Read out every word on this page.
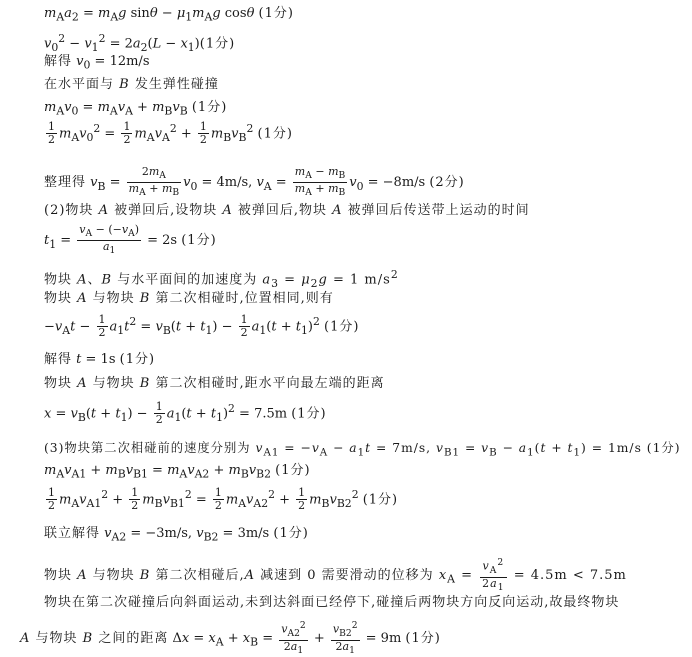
$m_Aa_2 = m_Ag$ $\sin\theta - \mu_1m_Ag$ cosθ (1分)
$v_0^2 - v_1^2 = 2a_2(L - x_1)(1$分)
解得 $v_0 = 12m/s$
在水平面与 B 发生弹性碰撞
$m_Av_0 = m_Av_A + m_Bv_B$ (1分)
$\frac{1}{2} m_Av_0^2 = \frac{1}{2} m_Av_A^2 + \frac{1}{2} m_Bv_B^2$ (1分)
整理得 $v_B = \frac{2m_A}{m_A + m_B} v_0 = 4m/s$, $v_A = \frac{m_A - m_B}{m_A + m_B} v_0 = -8m/s$ (2分)
(2)物块 A 被弹回后,设物块 A 被弹回后,物块 A 被弹回后传送带上运动的时间
$t_1 = \frac{v_A - (-v_A)}{a_1} = 2s$ (1分)
物块 A、B 与水平面间的加速度为 $a_3 = \mu_2g = 1$ $m/s^2$
物块 A 与物块 B 第二次相碰时,位置相同,则有
$-v_At - \frac{1}{2} a_1t^2 = v_B(t + t_1) - \frac{1}{2} a_1(t + t_1)^2$ (1分)
解得 t = 1s (1分)
物块 A 与物块 B 第二次相碰时,距水平向最左端的距离
$x = v_B(t + t_1) - \frac{1}{2} a_1(t + t_1)^2 = 7.5m$ (1分)
(3)物块第二次相碰前的速度分别为 $v_{A1} = -v_A - a_1t = 7m/s$, $v_{B1} = v_B - a_1(t + t_1) = 1m/s$ (1分)
$m_Av_{A1} + m_Bv_{B1} = m_Av_{A2} + m_Bv_{B2}$ (1分)
$\frac{1}{2} m_Av_{A1}^2 + \frac{1}{2} m_Bv_{B1}^2 = \frac{1}{2} m_Av_{A2}^2 + \frac{1}{2} m_Bv_{B2}^2$ (1分)
联立解得 $v_{A2} = -3m/s$, $v_{B2} = 3m/s$ (1分)
物块 A 与物块 B 第二次相碰后,A 减速到 0 需要滑动的位移为 $x_A = \frac{v_A^2}{2a_1} = 4.5m < 7.5m$
物块在第二次碰撞后向斜面运动,未到达斜面已经停下,碰撞后两物块方向反向运动,故最终物块
A 与物块 B 之间的距离 $\Delta x = x_A + x_B = \frac{v_{A2}^2}{2a_1} + \frac{v_{B2}^2}{2a_1} = 9m$ (1分)
